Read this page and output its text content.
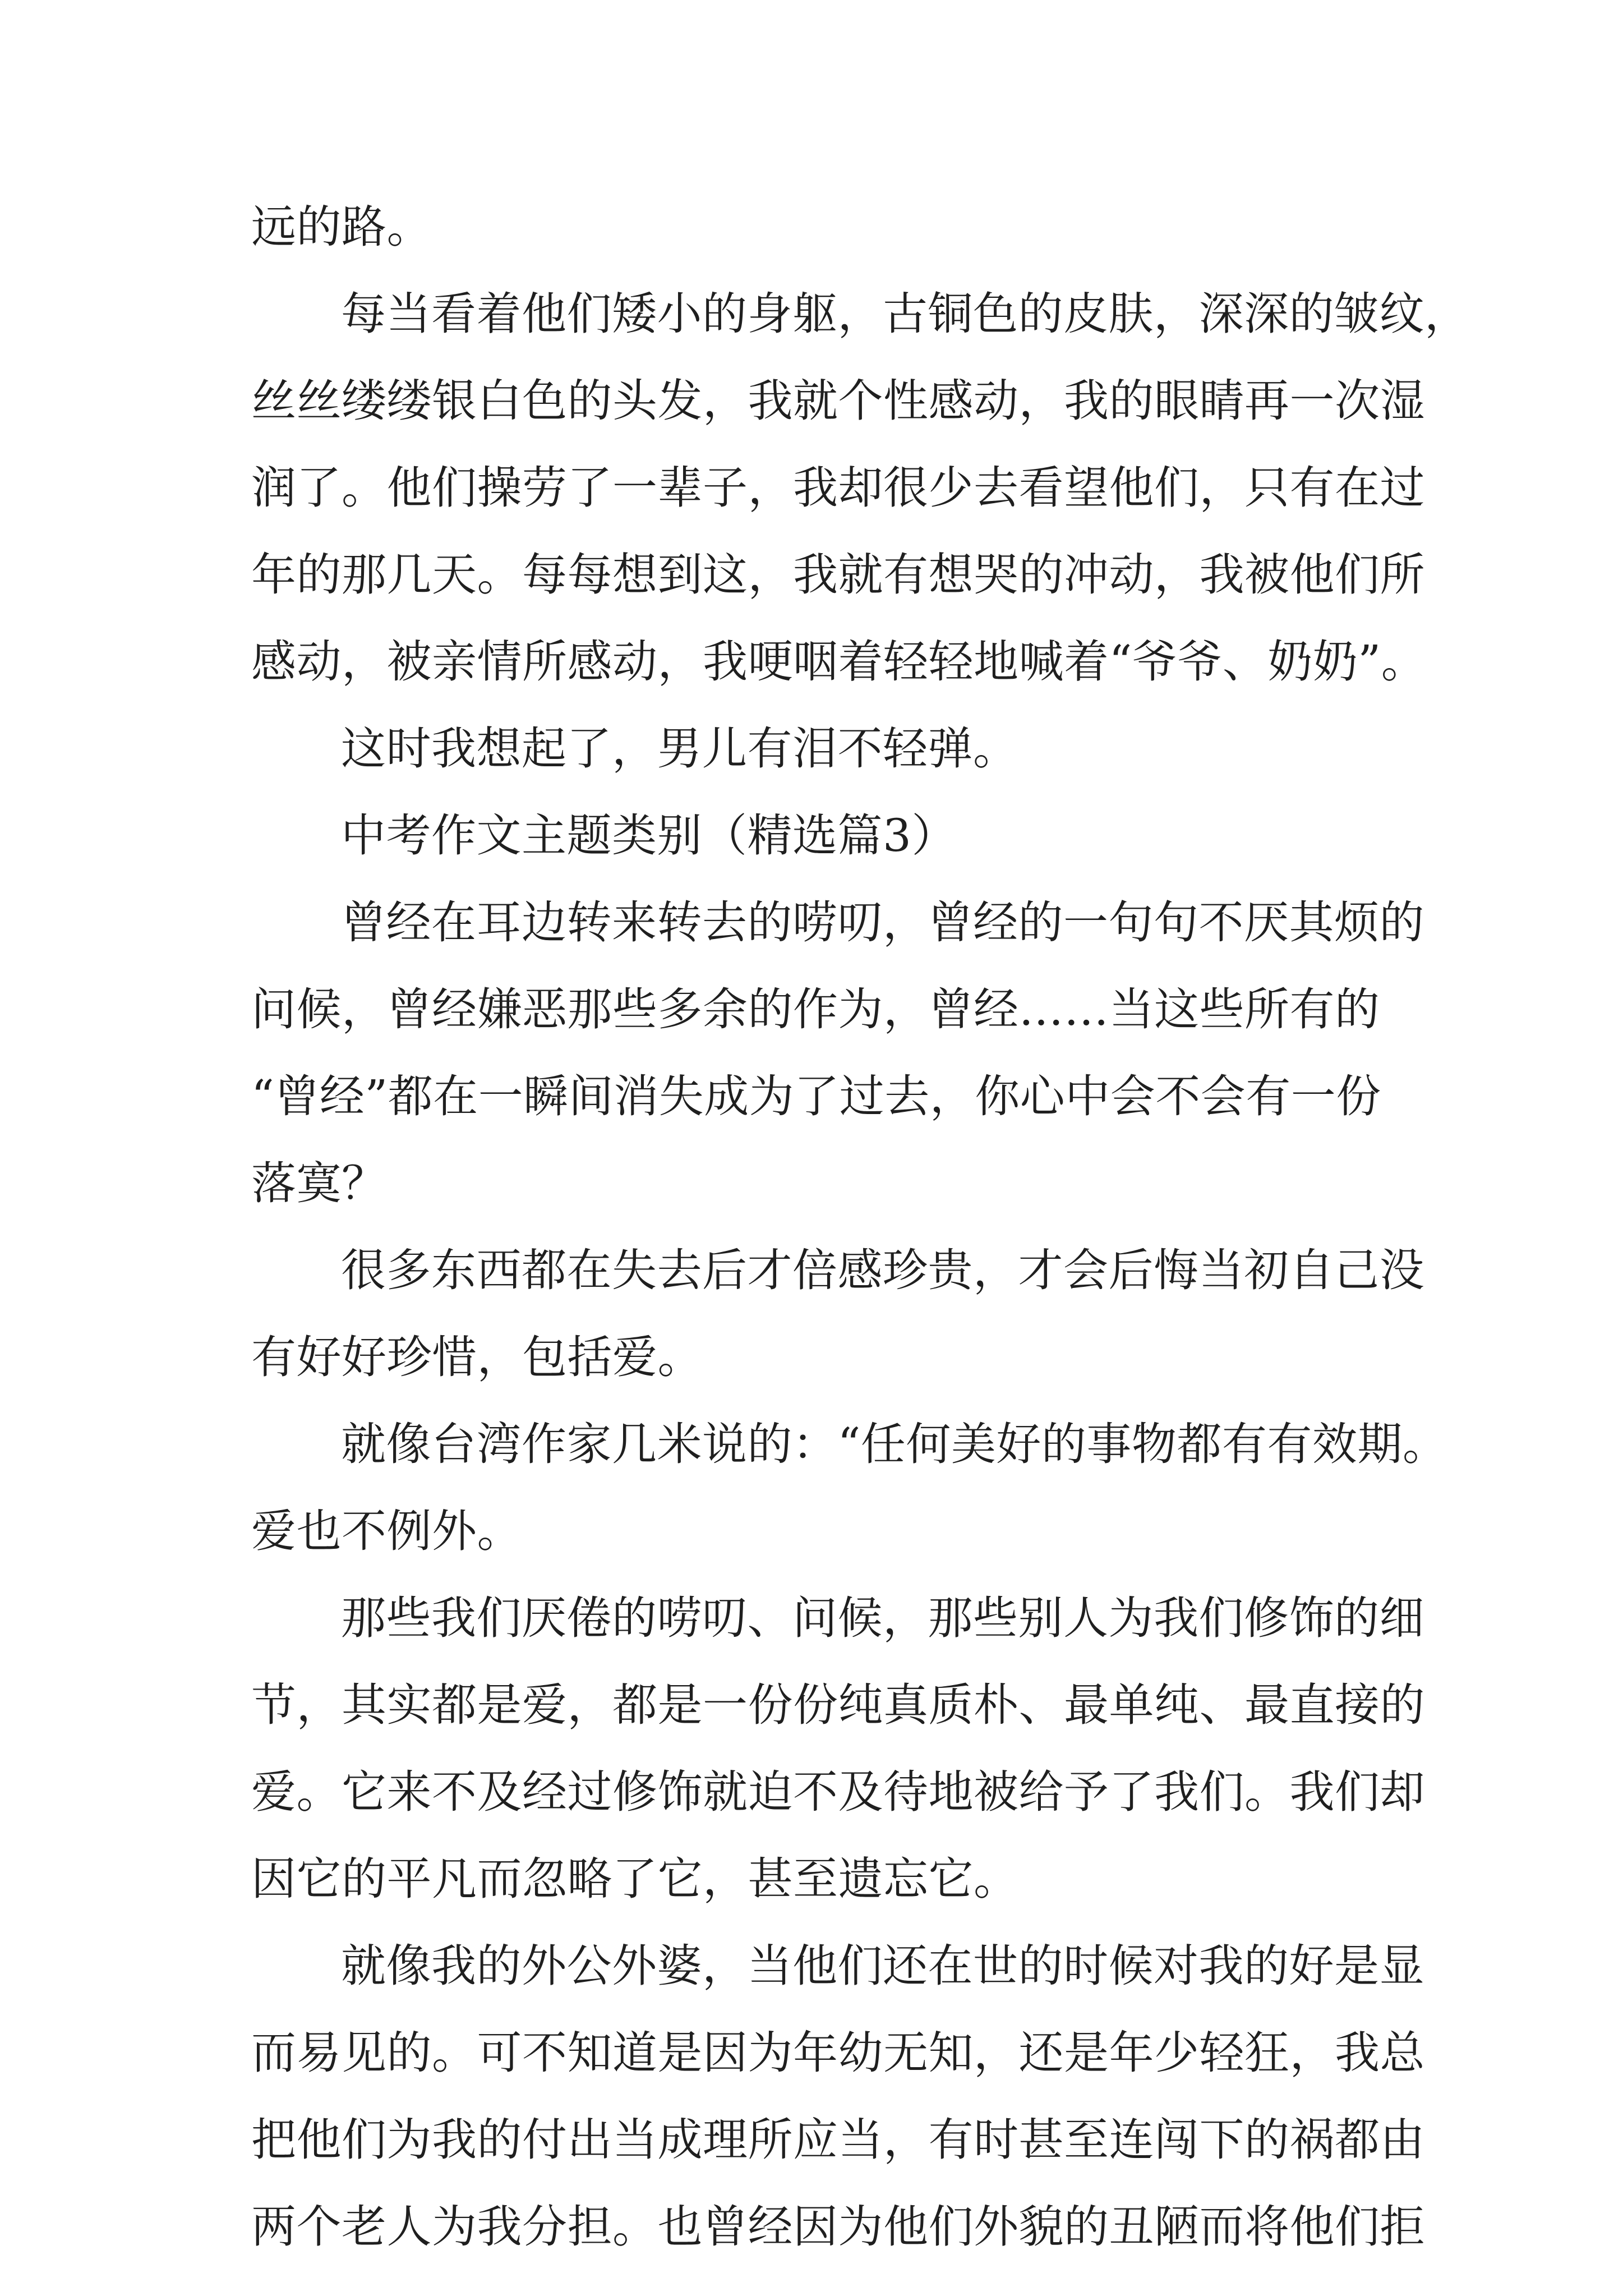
远的路。
每当看着他们矮小的身躯，古铜色的皮肤，深深的皱纹，
丝丝缕缕银白色的头发，我就个性感动，我的眼睛再一次湿
润了。他们操劳了一辈子，我却很少去看望他们，只有在过
年的那几天。每每想到这，我就有想哭的冲动，我被他们所
感动，被亲情所感动，我哽咽着轻轻地喊着“爷爷、奶奶”。
这时我想起了，男儿有泪不轻弹。
中考作文主题类别（精选篇3）
曾经在耳边转来转去的唠叨，曾经的一句句不厌其烦的
问候，曾经嫌恶那些多余的作为，曾经……当这些所有的
“曾经”都在一瞬间消失成为了过去，你心中会不会有一份
落寞？
很多东西都在失去后才倍感珍贵，才会后悔当初自己没
有好好珍惜，包括爱。
就像台湾作家几米说的：“任何美好的事物都有有效期。
爱也不例外。
那些我们厌倦的唠叨、问候，那些别人为我们修饰的细
节，其实都是爱，都是一份份纯真质朴、最单纯、最直接的
爱。它来不及经过修饰就迫不及待地被给予了我们。我们却
因它的平凡而忽略了它，甚至遗忘它。
就像我的外公外婆，当他们还在世的时候对我的好是显
而易见的。可不知道是因为年幼无知，还是年少轻狂，我总
把他们为我的付出当成理所应当，有时甚至连闯下的祸都由
两个老人为我分担。也曾经因为他们外貌的丑陋而将他们拒
